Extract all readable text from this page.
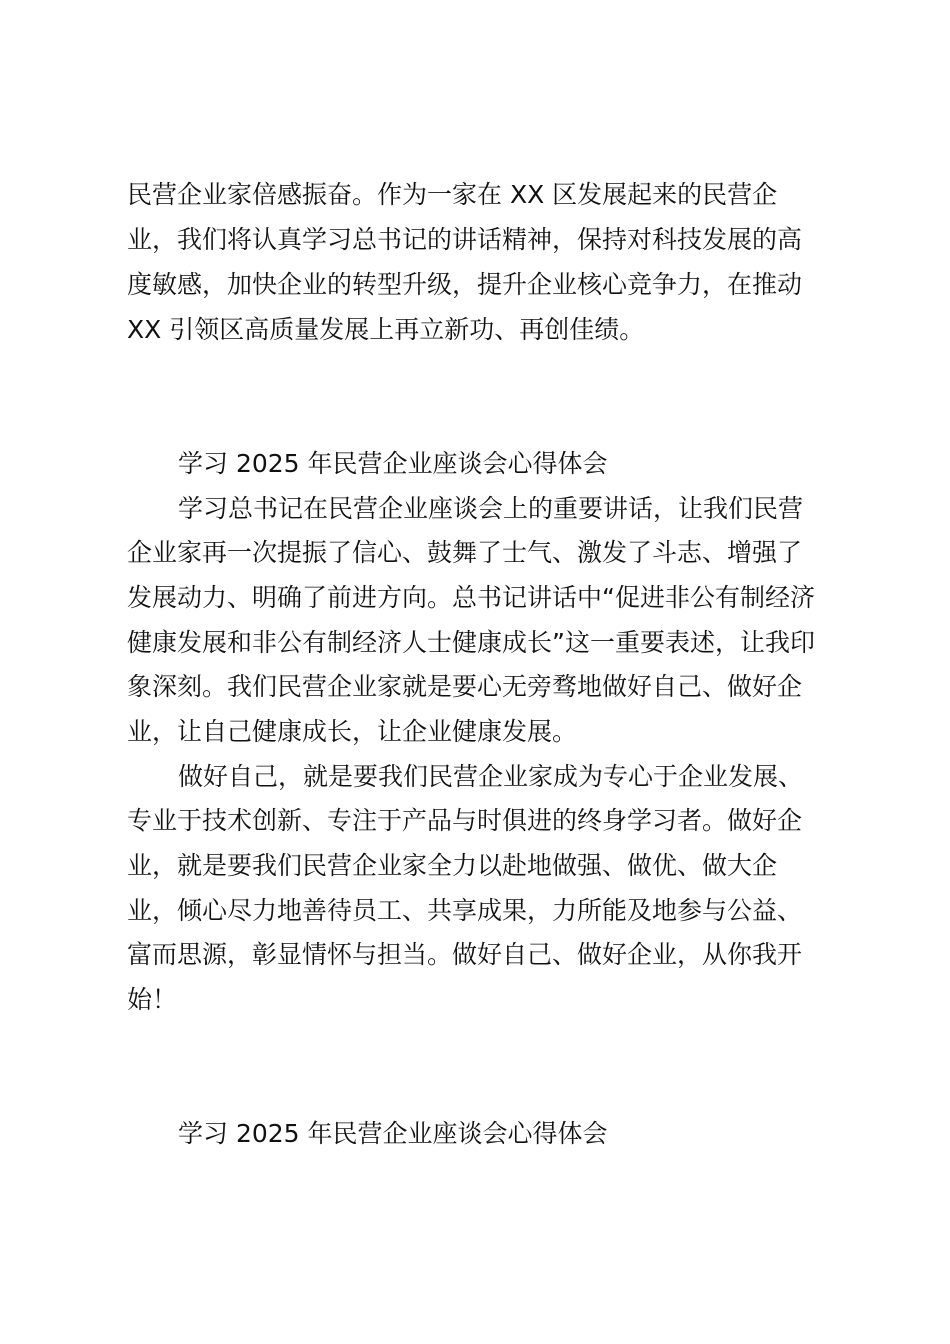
民营企业家倍感振奋。作为一家在 XX 区发展起来的民营企

业，我们将认真学习总书记的讲话精神，保持对科技发展的高

度敏感，加快企业的转型升级，提升企业核心竞争力，在推动

XX 引领区高质量发展上再立新功、再创佳绩。

学习 2025 年民营企业座谈会心得体会

学习总书记在民营企业座谈会上的重要讲话，让我们民营

企业家再一次提振了信心、鼓舞了士气、激发了斗志、增强了

发展动力、明确了前进方向。总书记讲话中“促进非公有制经济

健康发展和非公有制经济人士健康成长”这一重要表述，让我印

象深刻。我们民营企业家就是要心无旁骛地做好自己、做好企

业，让自己健康成长，让企业健康发展。

做好自己，就是要我们民营企业家成为专心于企业发展、

专业于技术创新、专注于产品与时俱进的终身学习者。做好企

业，就是要我们民营企业家全力以赴地做强、做优、做大企

业，倾心尽力地善待员工、共享成果，力所能及地参与公益、

富而思源，彰显情怀与担当。做好自己、做好企业，从你我开

始！

学习 2025 年民营企业座谈会心得体会
